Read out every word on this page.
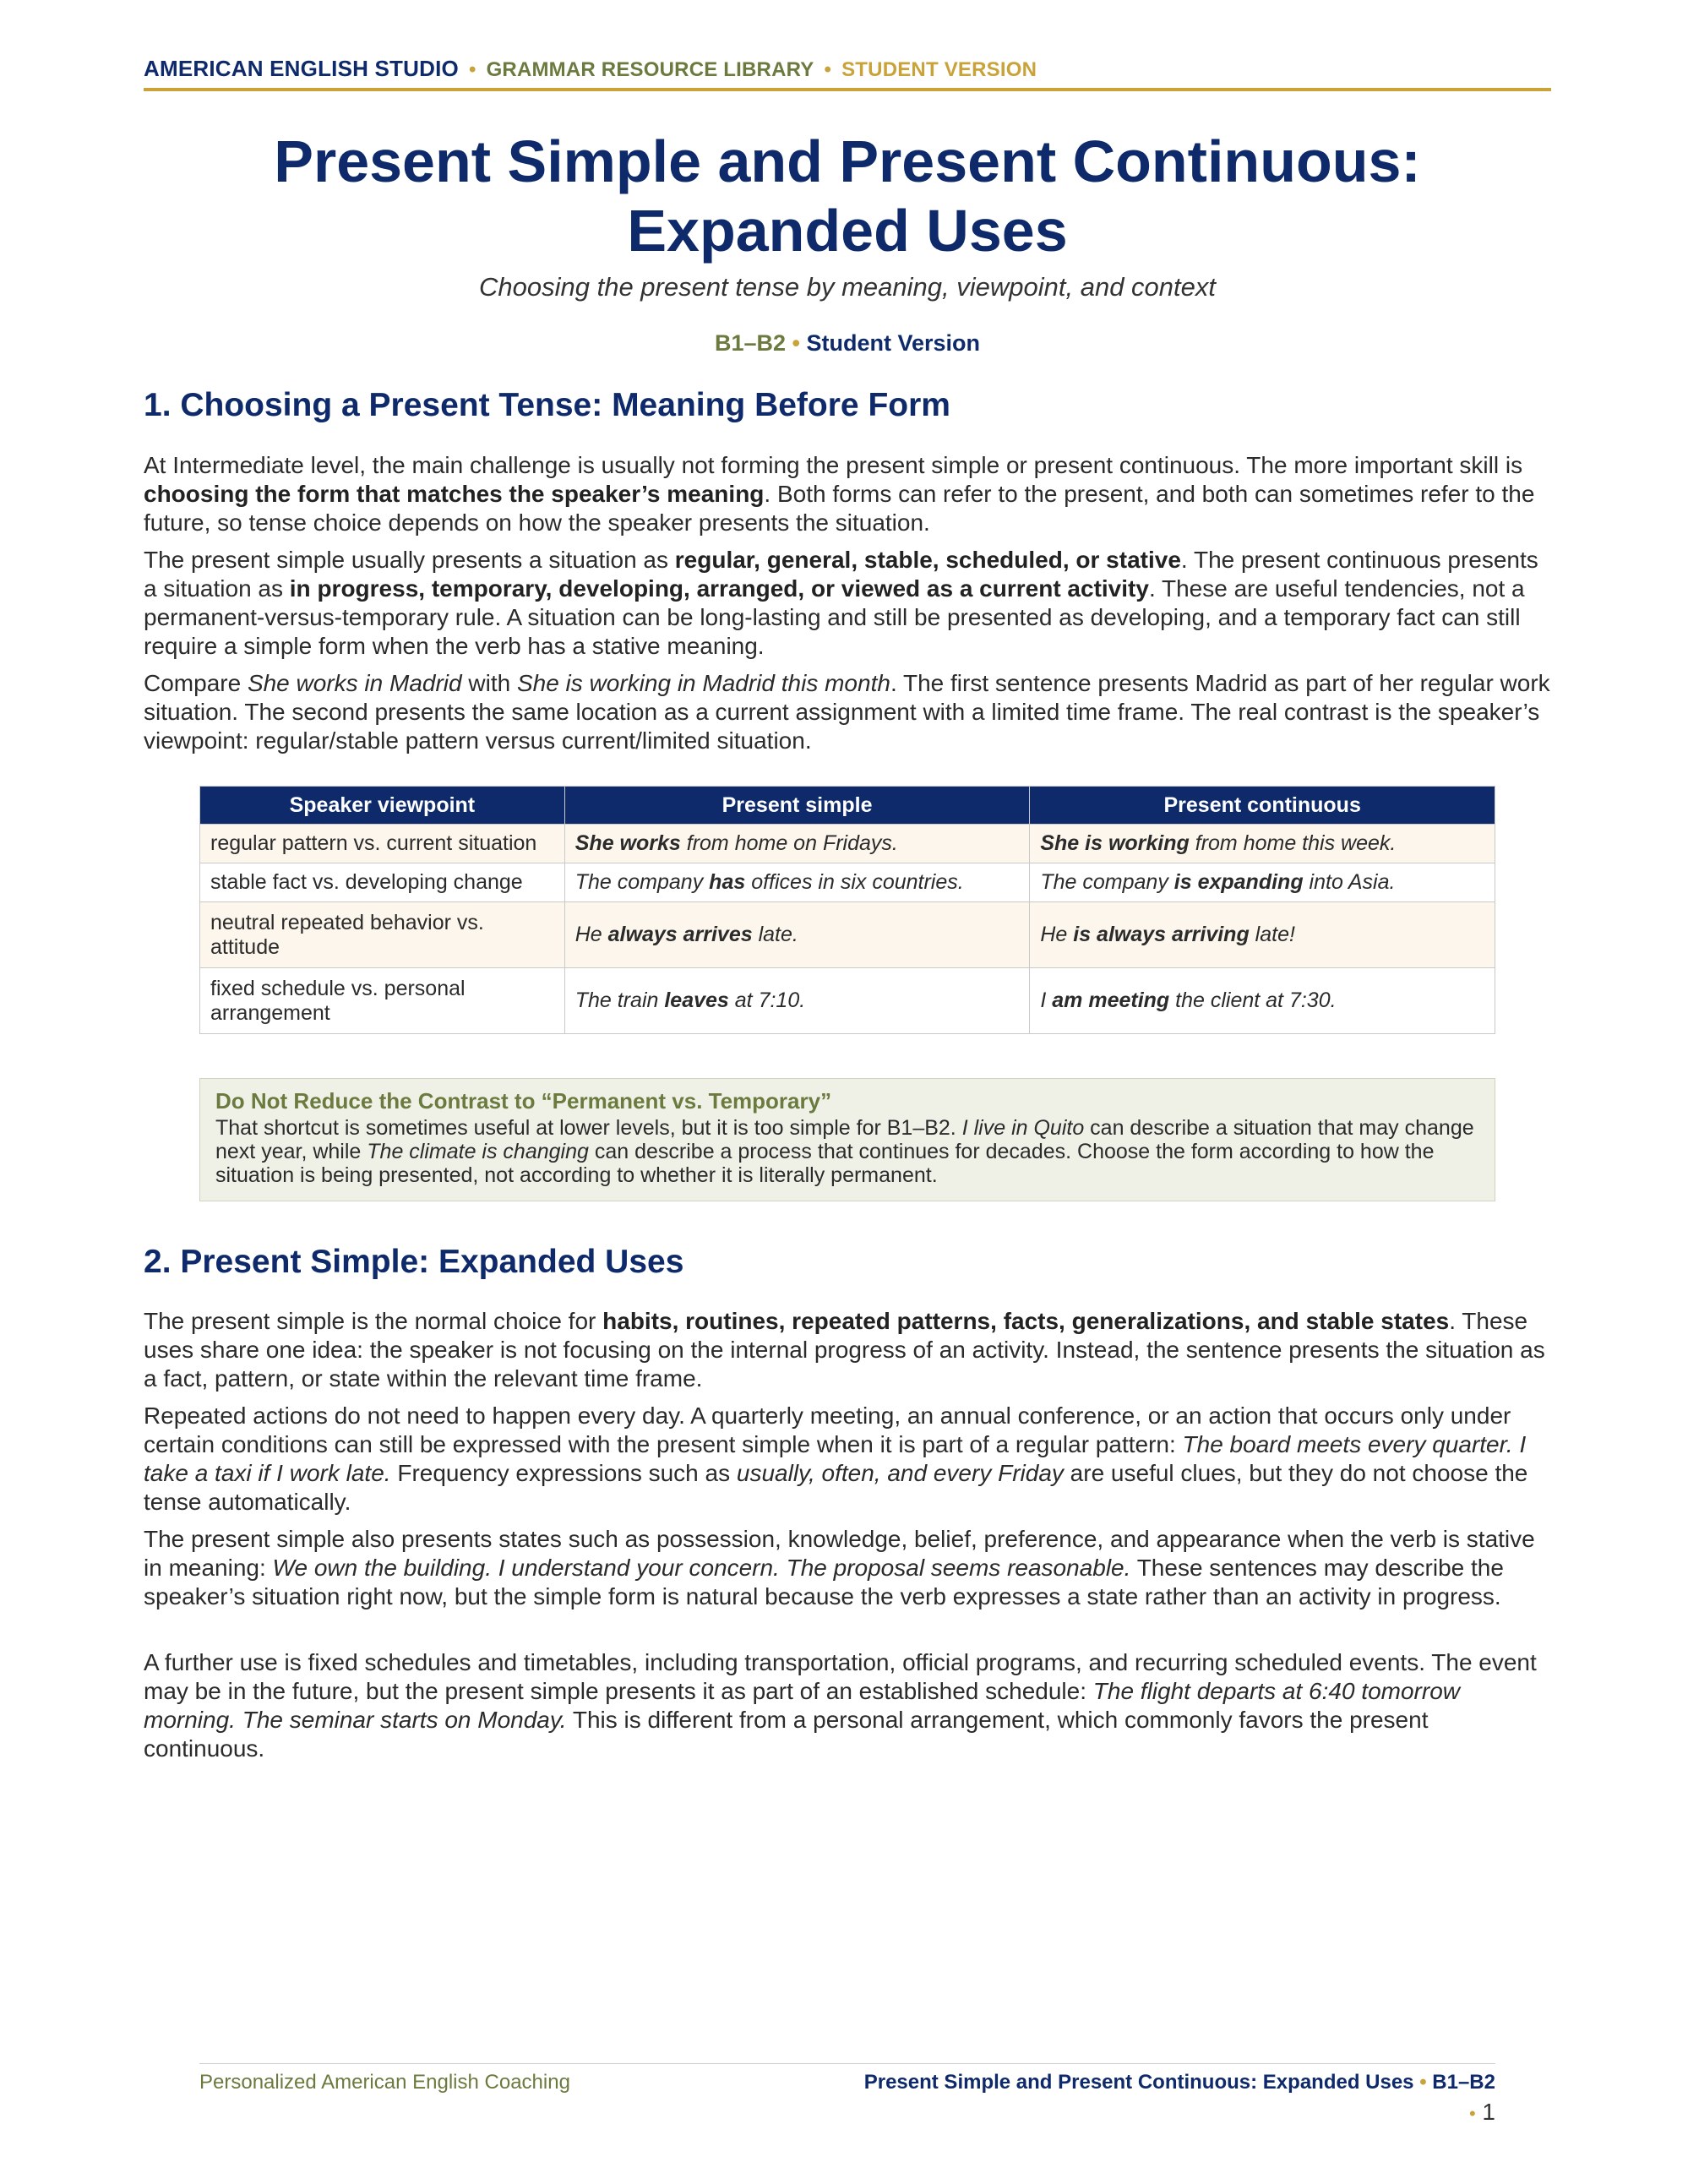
AMERICAN ENGLISH STUDIO • GRAMMAR RESOURCE LIBRARY • STUDENT VERSION
Present Simple and Present Continuous:
Expanded Uses
Choosing the present tense by meaning, viewpoint, and context
B1–B2 • Student Version
1. Choosing a Present Tense: Meaning Before Form

At Intermediate level, the main challenge is usually not forming the present simple or present continuous. The more important skill is choosing the form that matches the speaker’s meaning. Both forms can refer to the present, and both can sometimes refer to the future, so tense choice depends on how the speaker presents the situation.

The present simple usually presents a situation as regular, general, stable, scheduled, or stative. The present continuous presents a situation as in progress, temporary, developing, arranged, or viewed as a current activity. These are useful tendencies, not a permanent-versus-temporary rule. A situation can be long-lasting and still be presented as developing, and a temporary fact can still require a simple form when the verb has a stative meaning.

Compare She works in Madrid with She is working in Madrid this month. The first sentence presents Madrid as part of her regular work situation. The second presents the same location as a current assignment with a limited time frame. The real contrast is the speaker’s viewpoint: regular/stable pattern versus current/limited situation.

Speaker viewpoint	Present simple	Present continuous
regular pattern vs. current situation	She works from home on Fridays.	She is working from home this week.
stable fact vs. developing change	The company has offices in six countries.	The company is expanding into Asia.
neutral repeated behavior vs. attitude	He always arrives late.	He is always arriving late!
fixed schedule vs. personal arrangement	The train leaves at 7:10.	I am meeting the client at 7:30.
Do Not Reduce the Contrast to “Permanent vs. Temporary”
That shortcut is sometimes useful at lower levels, but it is too simple for B1–B2. I live in Quito can describe a situation that may change next year, while The climate is changing can describe a process that continues for decades. Choose the form according to how the situation is being presented, not according to whether it is literally permanent.
2. Present Simple: Expanded Uses

The present simple is the normal choice for habits, routines, repeated patterns, facts, generalizations, and stable states. These uses share one idea: the speaker is not focusing on the internal progress of an activity. Instead, the sentence presents the situation as a fact, pattern, or state within the relevant time frame.

Repeated actions do not need to happen every day. A quarterly meeting, an annual conference, or an action that occurs only under certain conditions can still be expressed with the present simple when it is part of a regular pattern: The board meets every quarter. I take a taxi if I work late. Frequency expressions such as usually, often, and every Friday are useful clues, but they do not choose the tense automatically.

The present simple also presents states such as possession, knowledge, belief, preference, and appearance when the verb is stative in meaning: We own the building. I understand your concern. The proposal seems reasonable. These sentences may describe the speaker’s situation right now, but the simple form is natural because the verb expresses a state rather than an activity in progress.

A further use is fixed schedules and timetables, including transportation, official programs, and recurring scheduled events. The event may be in the future, but the present simple presents it as part of an established schedule: The flight departs at 6:40 tomorrow morning. The seminar starts on Monday. This is different from a personal arrangement, which commonly favors the present continuous.

Personalized American English Coaching	Present Simple and Present Continuous: Expanded Uses • B1–B2
• 1
